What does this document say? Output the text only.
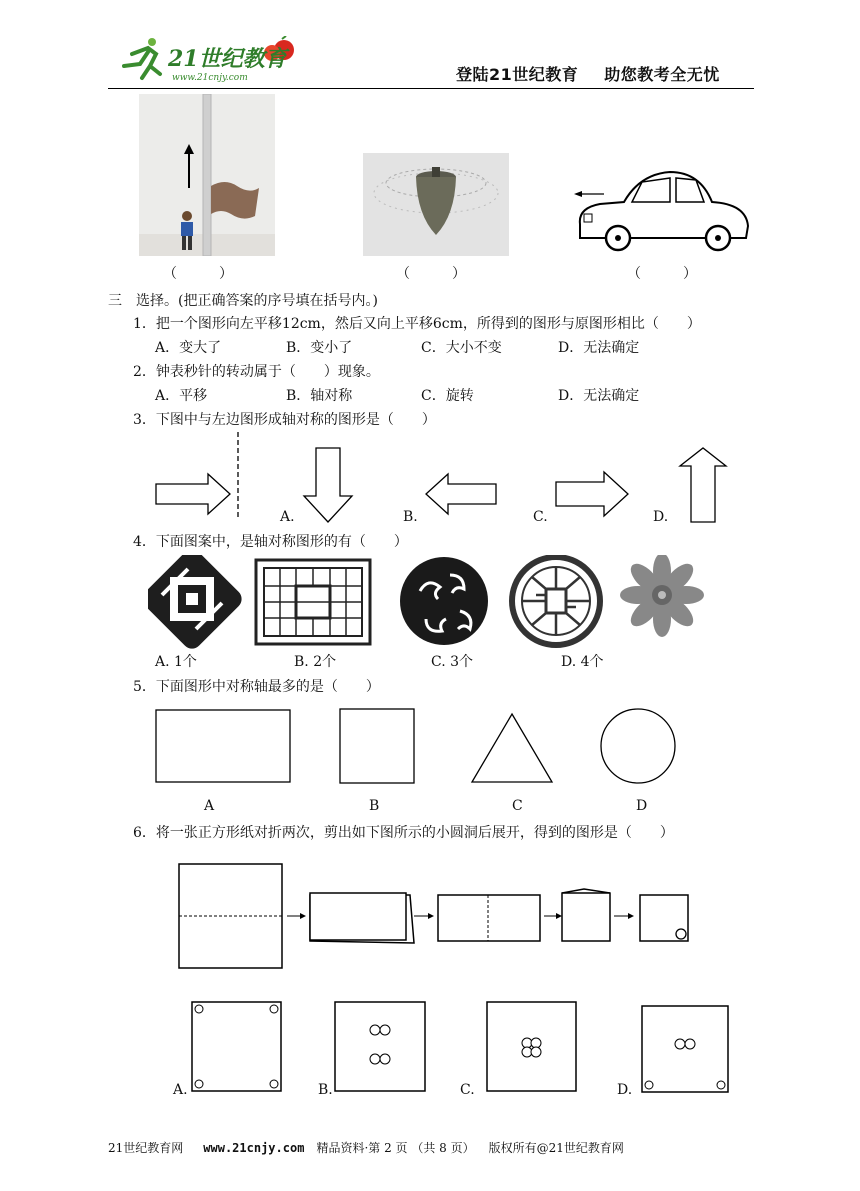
21世纪教育
www.21cnjy.com	登陆21世纪教育 助您教考全无忧
（　　　）	（　　　）	（　　　）
三　选择。(把正确答案的序号填在括号内。)
1．把一个图形向左平移12cm，然后又向上平移6cm，所得到的图形与原图形相比（　　）
A．变大了	B．变小了	C．大小不变	D．无法确定
2．钟表秒针的转动属于（　　）现象。
A．平移	B．轴对称	C．旋转	D．无法确定
3．下图中与左边图形成轴对称的图形是（　　）
A.	B.	C.	D.
4．下面图案中，是轴对称图形的有（　　）
A. 1个	B. 2个	C. 3个	D. 4个
5．下面图形中对称轴最多的是（　　）
A	B	C	D
6．将一张正方形纸对折两次，剪出如下图所示的小圆洞后展开，得到的图形是（　　）
A.	B.	C.	D.
21世纪教育网 www.21cnjy.com 精品资料·第 2 页 （共 8 页） 版权所有@21世纪教育网
